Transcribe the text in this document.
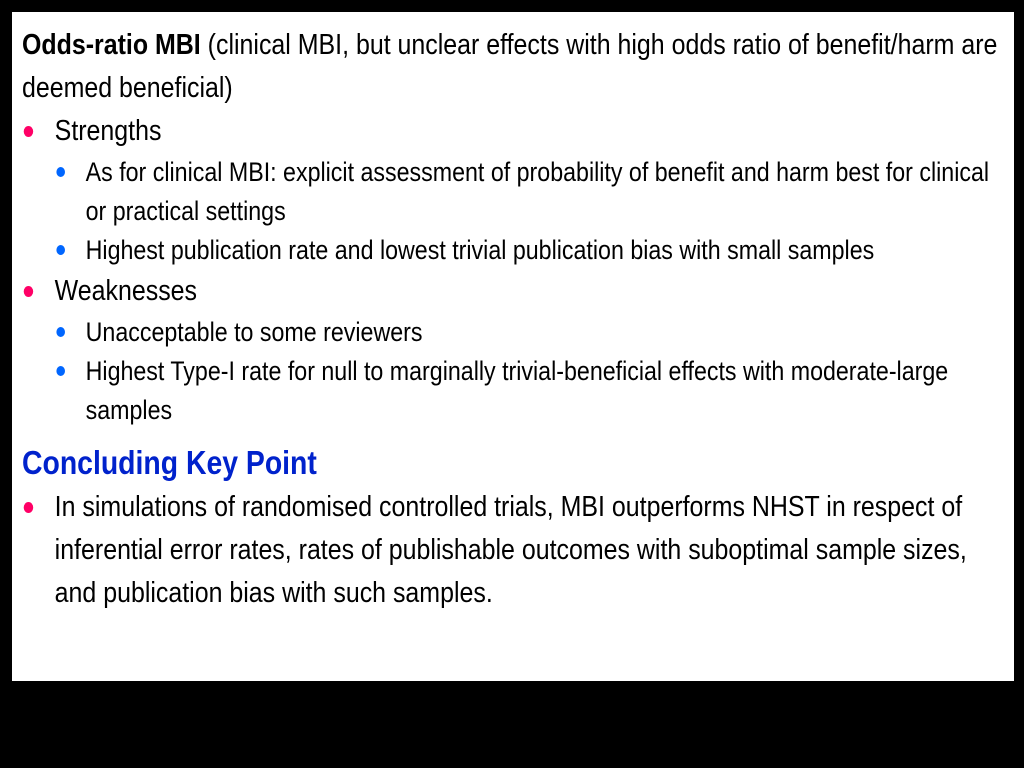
Odds-ratio MBI (clinical MBI, but unclear effects with high odds ratio of benefit/harm are deemed beneficial)
Strengths
As for clinical MBI: explicit assessment of probability of benefit and harm best for clinical or practical settings
Highest publication rate and lowest trivial publication bias with small samples
Weaknesses
Unacceptable to some reviewers
Highest Type-I rate for null to marginally trivial-beneficial effects with moderate-large samples
Concluding Key Point
In simulations of randomised controlled trials, MBI outperforms NHST in respect of inferential error rates, rates of publishable outcomes with suboptimal sample sizes, and publication bias with such samples.
